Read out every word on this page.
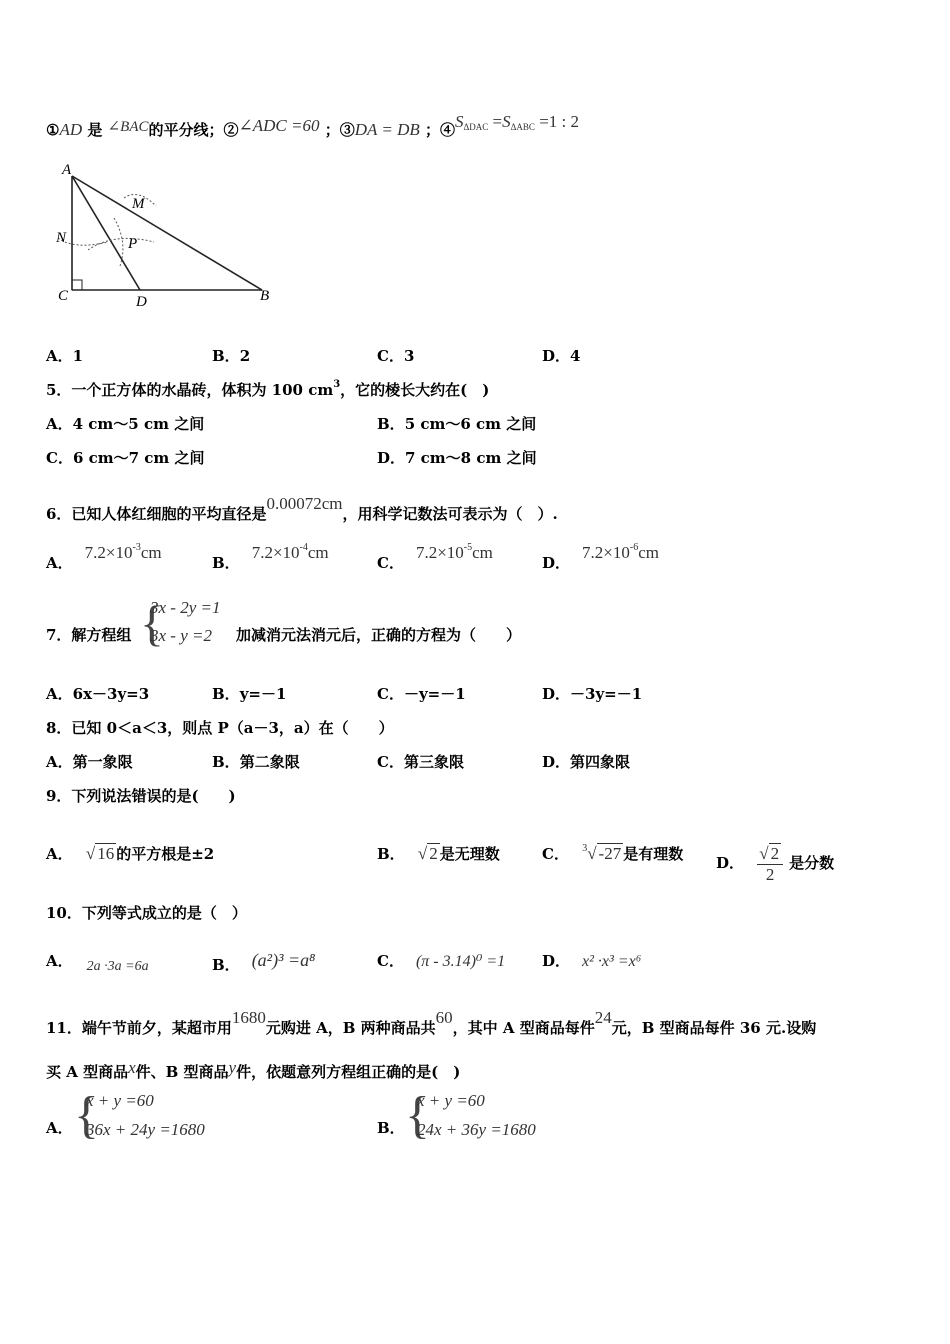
①AD 是 ∠BAC的平分线；②∠ADC =60 ；③DA = DB ；$④S_{\Delta DAC} =S_{\Delta ABC} =1$ : 2
A
M
N	P
C	D	B
A．1	B．2	C．3	D．4
5．一个正方体的水晶砖，体积为 100 $cm^3$，它的棱长大约在(　)
A．4 cm～5 cm 之间	B．5 cm～6 cm 之间
C．6 cm～7 cm 之间	D．7 cm～8 cm 之间
6．已知人体红细胞的平均直径是0.00072cm，用科学记数法可表示为（　）.
A．$7.2\times 10^{-3}cm$
B．$7.2\times 10^{-4}cm$
C．$7.2\times 10^{-5}cm$
D．$7.2\times 10^{-6}cm$
7．解方程组 {
3x - 2y =1
3x - y =2 加减消元法消元后，正确的方程为（　　）
A．6x－3y=3	B．y=－1	C．－y=－1	D．－3y=－1
8．已知 0＜a＜3，则点 P（a－3，a）在（　　）
A．第一象限	B．第二象限	C．第三象限	D．第四象限
9．下列说法错误的是(　　)
A． √ 16 的平方根是±2	B． √ 2 是无理数	C． $^3$√ -27 是有理数 D． $\frac{√ 2}{2}$ 是分数
10．下列等式成立的是（　）
A． 2a ·3a =6a	B． (a²)³ =a⁸	C． (π - 3.14)⁰ =1 D． x² ·x³ =x⁶
11．端午节前夕，某超市用1680元购进 A，B 两种商品共60，其中 A 型商品每件24元，B 型商品每件 36 元.设购
买 A 型商品x件、B 型商品y件，依题意列方程组正确的是(　)
A． {
x + y =60
36x + 24y =1680	B． {
x + y =60
24x + 36y =1680
